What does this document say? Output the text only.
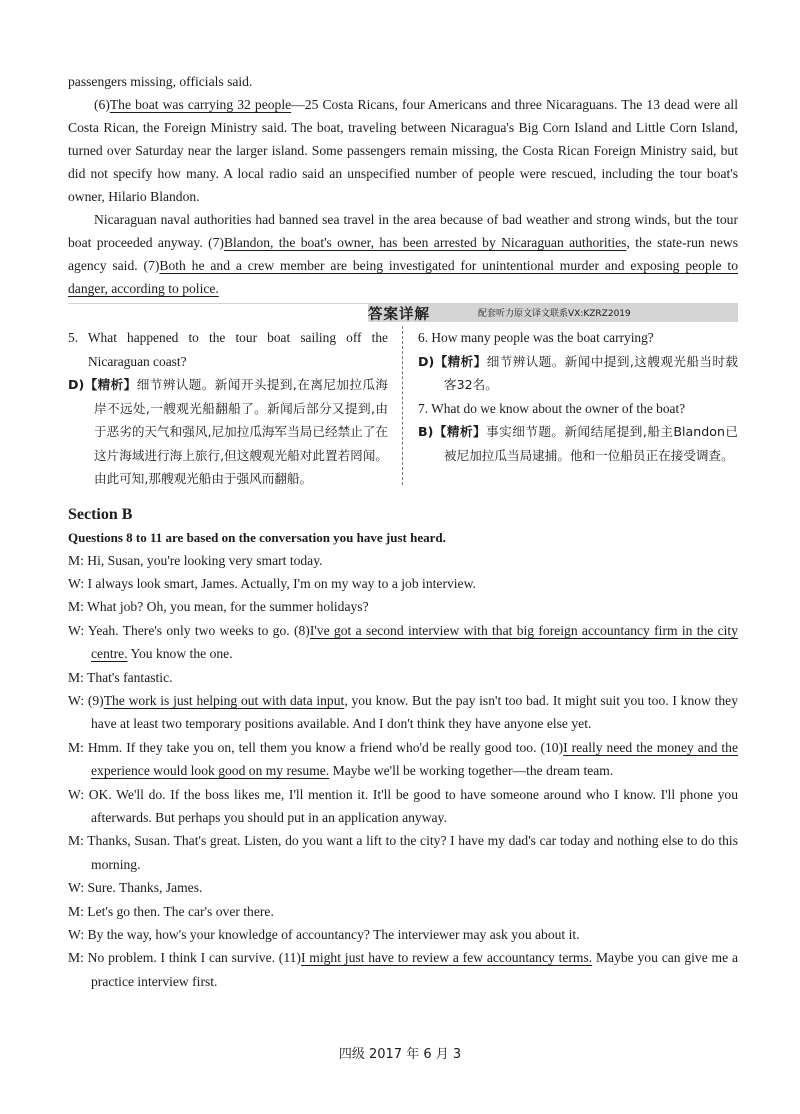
passengers missing, officials said.

(6)The boat was carrying 32 people—25 Costa Ricans, four Americans and three Nicaraguans. The 13 dead were all Costa Rican, the Foreign Ministry said. The boat, traveling between Nicaragua's Big Corn Island and Little Corn Island, turned over Saturday near the larger island. Some passengers remain missing, the Costa Rican Foreign Ministry said, but did not specify how many. A local radio said an unspecified number of people were rescued, including the tour boat's owner, Hilario Blandon.

Nicaraguan naval authorities had banned sea travel in the area because of bad weather and strong winds, but the tour boat proceeded anyway. (7)Blandon, the boat's owner, has been arrested by Nicaraguan authorities, the state-run news agency said. (7)Both he and a crew member are being investigated for unintentional murder and exposing people to danger, according to police.

答案详解	配套听力原文译文联系VX:KZRZ2019

5. What happened to the tour boat sailing off the Nicaraguan coast?

D)【精析】细节辨认题。新闻开头提到,在离尼加拉瓜海岸不远处,一艘观光船翻船了。新闻后部分又提到,由于恶劣的天气和强风,尼加拉瓜海军当局已经禁止了在这片海域进行海上旅行,但这艘观光船对此置若罔闻。由此可知,那艘观光船由于强风而翻船。

6. How many people was the boat carrying?

D)【精析】细节辨认题。新闻中提到,这艘观光船当时载客32名。

7. What do we know about the owner of the boat?

B)【精析】事实细节题。新闻结尾提到,船主Blandon已被尼加拉瓜当局逮捕。他和一位船员正在接受调查。

Section B
Questions 8 to 11 are based on the conversation you have just heard.

M: Hi, Susan, you're looking very smart today.

W: I always look smart, James. Actually, I'm on my way to a job interview.

M: What job? Oh, you mean, for the summer holidays?

W: Yeah. There's only two weeks to go. (8)I've got a second interview with that big foreign accountancy firm in the city centre. You know the one.

M: That's fantastic.

W: (9)The work is just helping out with data input, you know. But the pay isn't too bad. It might suit you too. I know they have at least two temporary positions available. And I don't think they have anyone else yet.

M: Hmm. If they take you on, tell them you know a friend who'd be really good too. (10)I really need the money and the experience would look good on my resume. Maybe we'll be working together—the dream team.

W: OK. We'll do. If the boss likes me, I'll mention it. It'll be good to have someone around who I know. I'll phone you afterwards. But perhaps you should put in an application anyway.

M: Thanks, Susan. That's great. Listen, do you want a lift to the city? I have my dad's car today and nothing else to do this morning.

W: Sure. Thanks, James.

M: Let's go then. The car's over there.

W: By the way, how's your knowledge of accountancy? The interviewer may ask you about it.

M: No problem. I think I can survive. (11)I might just have to review a few accountancy terms. Maybe you can give me a practice interview first.

四级 2017 年 6 月 3
